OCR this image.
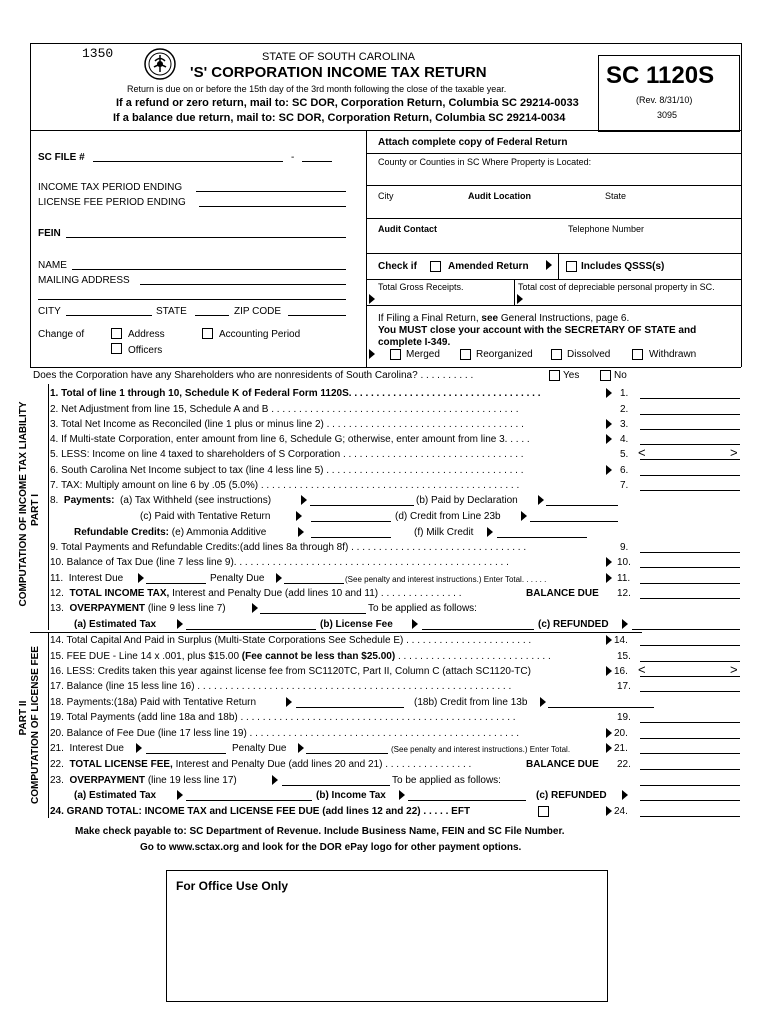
1350	STATE OF SOUTH CAROLINA
'S' CORPORATION INCOME TAX RETURN
Return is due on or before the 15th day of the 3rd month following the close of the taxable year.
If a refund or zero return, mail to: SC DOR, Corporation Return, Columbia SC 29214-0033
If a balance due return, mail to: SC DOR, Corporation Return, Columbia SC 29214-0034
SC 1120S
(Rev. 8/31/10)
3095
SC FILE #	-
INCOME TAX PERIOD ENDING
LICENSE FEE PERIOD ENDING
FEIN
NAME
MAILING ADDRESS
CITY	STATE	ZIP CODE
Change of	Address	Accounting Period
Officers
Attach complete copy of Federal Return
County or Counties in SC Where Property is Located:
City	Audit Location	State
Audit Contact	Telephone Number
Check if	Amended Return	Includes QSSS(s)
Total Gross Receipts.	Total cost of depreciable personal property in SC.
If Filing a Final Return, see General Instructions, page 6.
You MUST close your account with the SECRETARY OF STATE and
complete I-349.
Merged	Reorganized	Dissolved	Withdrawn
Does the Corporation have any Shareholders who are nonresidents of South Carolina? . . . . . . . . . .	Yes	No
COMPUTATION OF INCOME TAX LIABILITY PART I
1. Total of line 1 through 10, Schedule K of Federal Form 1120S. . . . . . . . . . . . . . . . . . . . . . . . . . . . . . . . . . .	1.
2. Net Adjustment from line 15, Schedule A and B . . . . . . . . . . . . . . . . . . . . . . . . . . . . . . . . . . . . . . . . . . . . .	2.
3. Total Net Income as Reconciled (line 1 plus or minus line 2) . . . . . . . . . . . . . . . . . . . . . . . . . . . . . . . . . . . .	3.
4. If Multi-state Corporation, enter amount from line 6, Schedule G; otherwise, enter amount from line 3. . . . .	4.
5. LESS: Income on line 4 taxed to shareholders of S Corporation . . . . . . . . . . . . . . . . . . . . . . . . . . . . . . . . .	5. <	>
6. South Carolina Net Income subject to tax (line 4 less line 5) . . . . . . . . . . . . . . . . . . . . . . . . . . . . . . . . . . . .	6.
7. TAX: Multiply amount on line 6 by .05 (5.0%) . . . . . . . . . . . . . . . . . . . . . . . . . . . . . . . . . . . . . . . . . . . . . . .	7.
8. Payments: (a) Tax Withheld (see instructions)	(b) Paid by Declaration
(c) Paid with Tentative Return	(d) Credit from Line 23b
Refundable Credits: (e) Ammonia Additive	(f) Milk Credit
9. Total Payments and Refundable Credits:(add lines 8a through 8f) . . . . . . . . . . . . . . . . . . . . . . . . . . . . . . . .	9.
10. Balance of Tax Due (line 7 less line 9). . . . . . . . . . . . . . . . . . . . . . . . . . . . . . . . . . . . . . . . . . . . . . . . . .	10.
11. Interest Due	Penalty Due	(See penalty and interest instructions.) Enter Total. . . . . .	11.
12. TOTAL INCOME TAX, Interest and Penalty Due (add lines 10 and 11) . . . . . . . . . . . . . . .	BALANCE DUE 12.
13. OVERPAYMENT (line 9 less line 7)	To be applied as follows:
(a) Estimated Tax	(b) License Fee	(c) REFUNDED
COMPUTATION OF LICENSE FEE
PART II
14. Total Capital And Paid in Surplus (Multi-State Corporations See Schedule E) . . . . . . . . . . . . . . . . . . . . . . .	14.
15. FEE DUE - Line 14 x .001, plus $15.00 (Fee cannot be less than $25.00) . . . . . . . . . . . . . . . . . . . . . . . . . . . .	15.
16. LESS: Credits taken this year against license fee from SC1120TC, Part II, Column C (attach SC1120-TC)	16. <	>
17. Balance (line 15 less line 16) . . . . . . . . . . . . . . . . . . . . . . . . . . . . . . . . . . . . . . . . . . . . . . . . . . . . . . . . .	17.
18. Payments:(18a) Paid with Tentative Return	(18b) Credit from line 13b
19. Total Payments (add line 18a and 18b) . . . . . . . . . . . . . . . . . . . . . . . . . . . . . . . . . . . . . . . . . . . . . . . . . .	19.
20. Balance of Fee Due (line 17 less line 19) . . . . . . . . . . . . . . . . . . . . . . . . . . . . . . . . . . . . . . . . . . . . . . . . .	20.
21. Interest Due	Penalty Due	(See penalty and interest instructions.) Enter Total.	21.
22. TOTAL LICENSE FEE, Interest and Penalty Due (add lines 20 and 21) . . . . . . . . . . . . . . . .	BALANCE DUE 22.
23. OVERPAYMENT (line 19 less line 17)	To be applied as follows:
(a) Estimated Tax	(b) Income Tax	(c) REFUNDED
24. GRAND TOTAL: INCOME TAX and LICENSE FEE DUE (add lines 12 and 22) . . . . . EFT	24.
Make check payable to: SC Department of Revenue. Include Business Name, FEIN and SC File Number.
Go to www.sctax.org and look for the DOR ePay logo for other payment options.
For Office Use Only
